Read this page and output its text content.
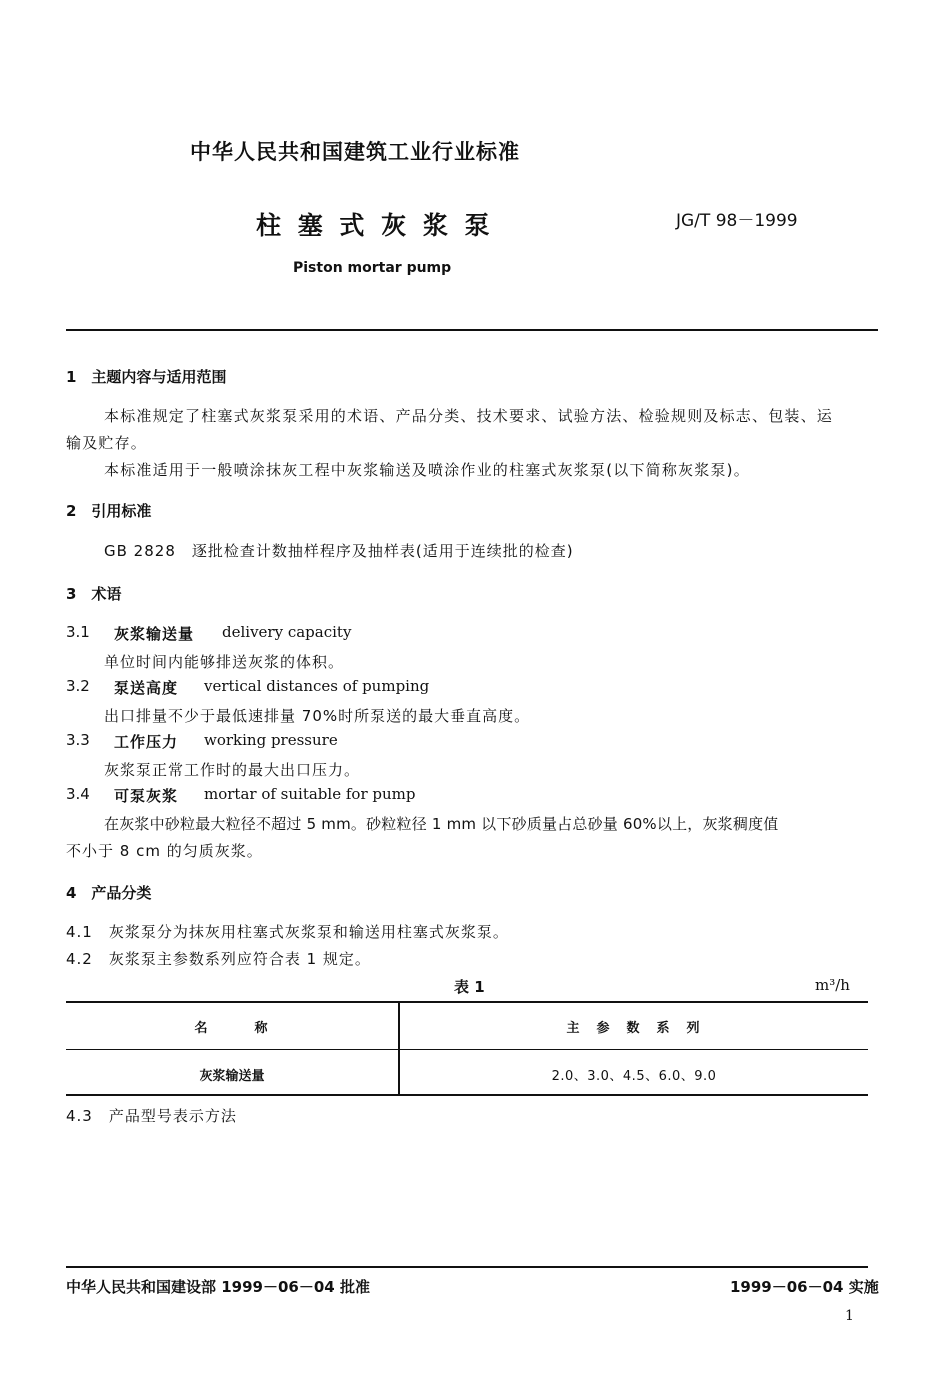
中华人民共和国建筑工业行业标准
柱 塞 式 灰 浆 泵	JG/T 98－1999
Piston mortar pump
1　主题内容与适用范围
本标准规定了柱塞式灰浆泵采用的术语、产品分类、技术要求、试验方法、检验规则及标志、包装、运
输及贮存。
本标准适用于一般喷涂抹灰工程中灰浆输送及喷涂作业的柱塞式灰浆泵(以下简称灰浆泵)。
2　引用标准
GB 2828　逐批检查计数抽样程序及抽样表(适用于连续批的检查)
3　术语
3.1 灰浆输送量 delivery capacity
单位时间内能够排送灰浆的体积。
3.2 泵送高度 vertical distances of pumping
出口排量不少于最低速排量 70%时所泵送的最大垂直高度。
3.3 工作压力 working pressure
灰浆泵正常工作时的最大出口压力。
3.4 可泵灰浆 mortar of suitable for pump
在灰浆中砂粒最大粒径不超过 5 mm。砂粒粒径 1 mm 以下砂质量占总砂量 60%以上，灰浆稠度值
不小于 8 cm 的匀质灰浆。
4　产品分类
4.1　灰浆泵分为抹灰用柱塞式灰浆泵和输送用柱塞式灰浆泵。
4.2　灰浆泵主参数系列应符合表 1 规定。
表 1	m³/h
名　　　称	主　参　数　系　列
灰浆输送量	2.0、3.0、4.5、6.0、9.0
4.3　产品型号表示方法
中华人民共和国建设部 1999－06－04 批准	1999－06－04 实施
1
